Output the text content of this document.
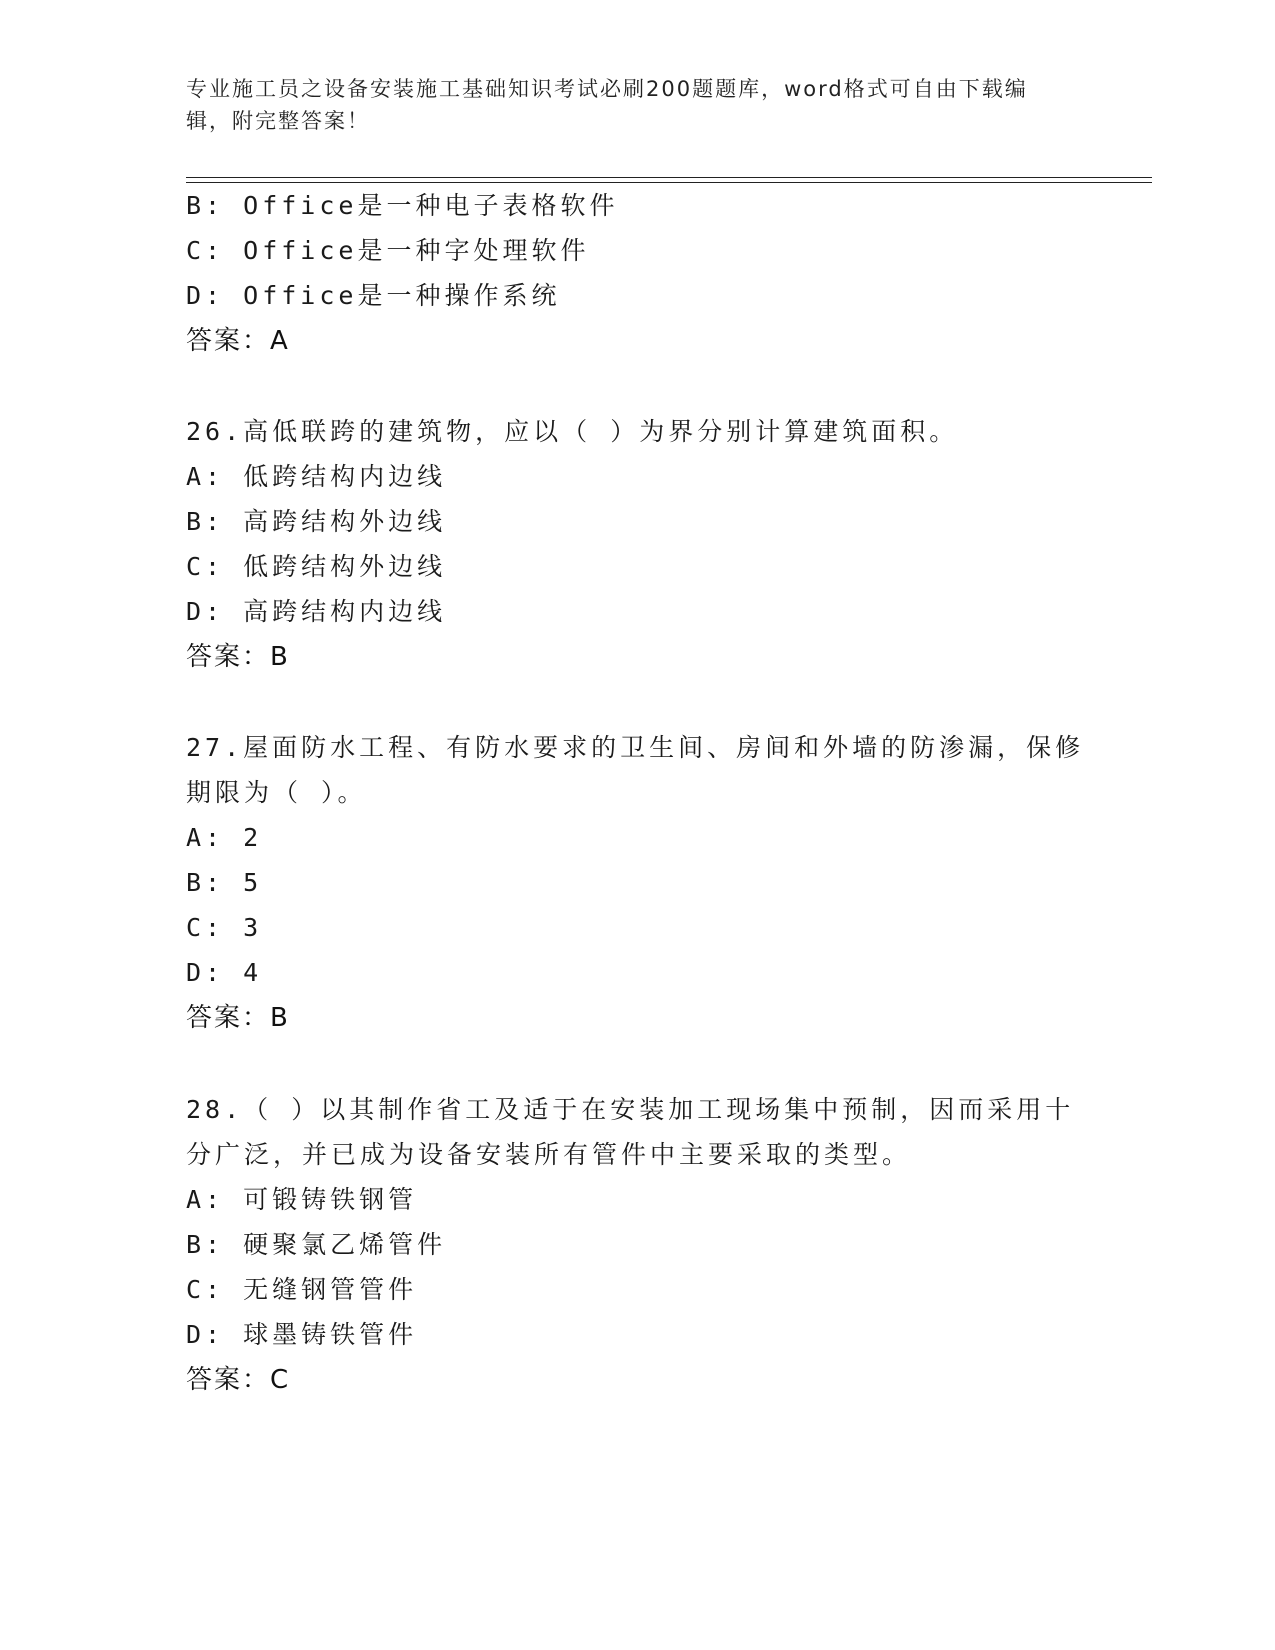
专业施工员之设备安装施工基础知识考试必刷200题题库，word格式可自由下载编辑，附完整答案！
B: Office是一种电子表格软件
C: Office是一种字处理软件
D: Office是一种操作系统
答案：A
26.高低联跨的建筑物，应以（ ）为界分别计算建筑面积。
A: 低跨结构内边线
B: 高跨结构外边线
C: 低跨结构外边线
D: 高跨结构内边线
答案：B
27.屋面防水工程、有防水要求的卫生间、房间和外墙的防渗漏，保修
期限为（ ）。
A: 2
B: 5
C: 3
D: 4
答案：B
28.（ ）以其制作省工及适于在安装加工现场集中预制，因而采用十
分广泛，并已成为设备安装所有管件中主要采取的类型。
A: 可锻铸铁钢管
B: 硬聚氯乙烯管件
C: 无缝钢管管件
D: 球墨铸铁管件
答案：C
